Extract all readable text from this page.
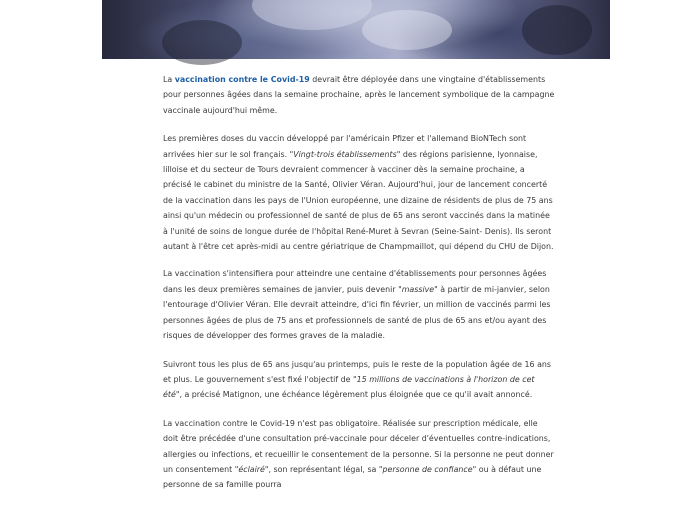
La vaccination contre le Covid-19 devrait être déployée dans une vingtaine d'établissements pour personnes âgées dans la semaine prochaine, après le lancement symbolique de la campagne vaccinale aujourd'hui même.

Les premières doses du vaccin développé par l'américain Pfizer et l'allemand BioNTech sont arrivées hier sur le sol français. "Vingt-trois établissements" des régions parisienne, lyonnaise, lilloise et du secteur de Tours devraient commencer à vacciner dès la semaine prochaine, a précisé le cabinet du ministre de la Santé, Olivier Véran. Aujourd'hui, jour de lancement concerté de la vaccination dans les pays de l'Union européenne, une dizaine de résidents de plus de 75 ans ainsi qu'un médecin ou professionnel de santé de plus de 65 ans seront vaccinés dans la matinée à l'unité de soins de longue durée de l'hôpital René-Muret à Sevran (Seine-Saint- Denis). Ils seront autant à l'être cet après-midi au centre gériatrique de Champmaillot, qui dépend du CHU de Dijon.

La vaccination s'intensifiera pour atteindre une centaine d'établissements pour personnes âgées dans les deux premières semaines de janvier, puis devenir "massive" à partir de mi-janvier, selon l'entourage d'Olivier Véran. Elle devrait atteindre, d'ici fin février, un million de vaccinés parmi les personnes âgées de plus de 75 ans et professionnels de santé de plus de 65 ans et/ou ayant des risques de développer des formes graves de la maladie.

Suivront tous les plus de 65 ans jusqu'au printemps, puis le reste de la population âgée de 16 ans et plus. Le gouvernement s'est fixé l'objectif de "15 millions de vaccinations à l'horizon de cet été", a précisé Matignon, une échéance légèrement plus éloignée que ce qu'il avait annoncé.

La vaccination contre le Covid-19 n'est pas obligatoire. Réalisée sur prescription médicale, elle doit être précédée d'une consultation pré-vaccinale pour déceler d'éventuelles contre-indications, allergies ou infections, et recueillir le consentement de la personne. Si la personne ne peut donner un consentement "éclairé", son représentant légal, sa "personne de confiance" ou à défaut une personne de sa famille pourra
